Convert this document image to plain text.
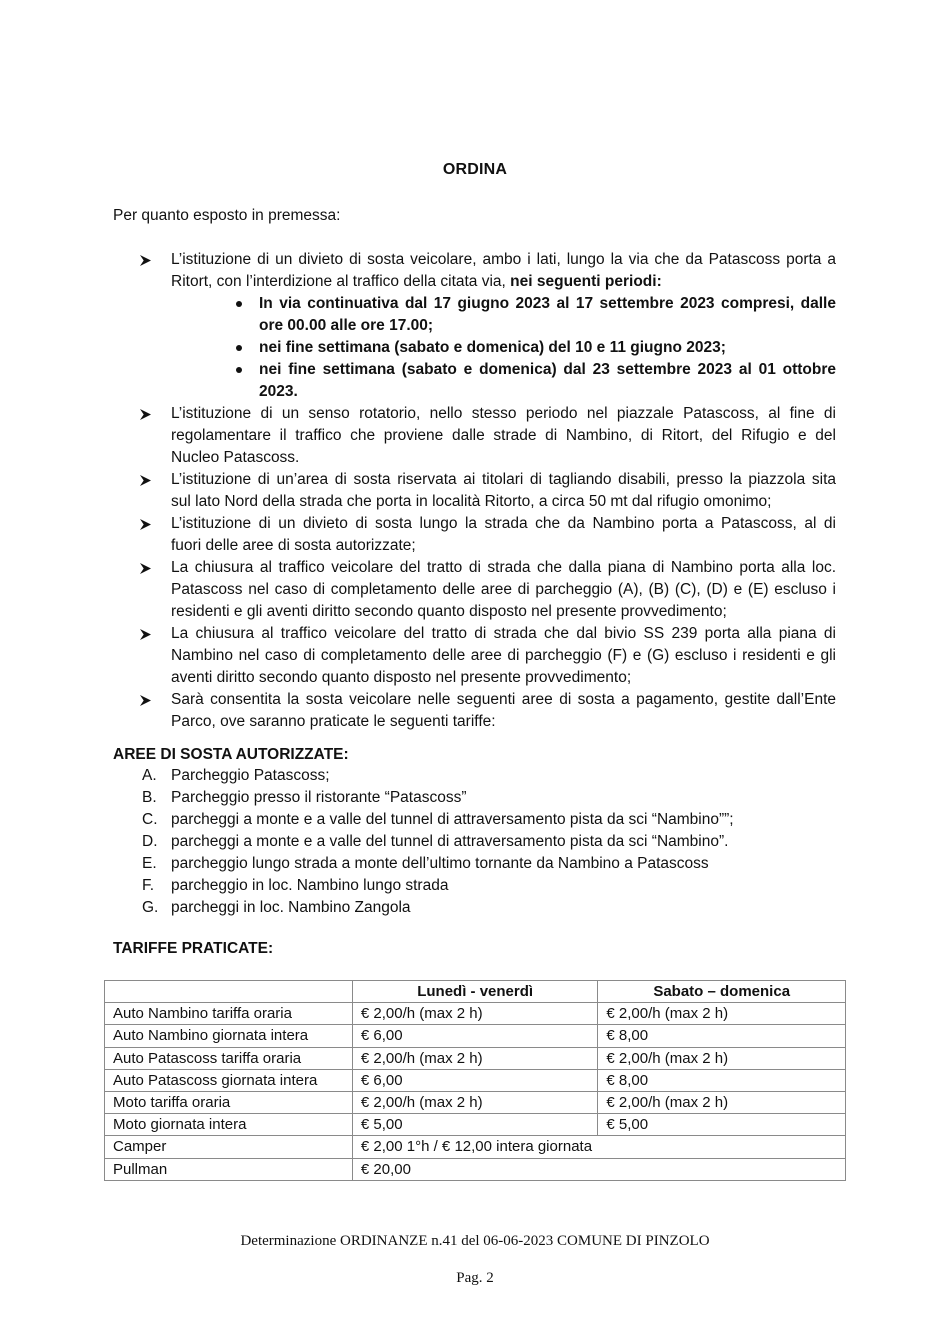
ORDINA
Per quanto esposto in premessa:
L’istituzione di un divieto di sosta veicolare, ambo i lati, lungo la via che da Patascoss porta a
Ritort, con l’interdizione al traffico della citata via, nei seguenti periodi:
In via continuativa dal 17 giugno 2023 al 17 settembre 2023 compresi, dalle
ore 00.00 alle ore 17.00;
nei fine settimana (sabato e domenica) del 10 e 11 giugno 2023;
nei fine settimana (sabato e domenica) dal 23 settembre 2023 al 01 ottobre
2023.
L’istituzione di un senso rotatorio, nello stesso periodo nel piazzale Patascoss, al fine di
regolamentare il traffico che proviene dalle strade di Nambino, di Ritort, del Rifugio e del
Nucleo Patascoss.
L’istituzione di un’area di sosta riservata ai titolari di tagliando disabili, presso la piazzola sita
sul lato Nord della strada che porta in località Ritorto, a circa 50 mt dal rifugio omonimo;
L’istituzione di un divieto di sosta lungo la strada che da Nambino porta a Patascoss, al di
fuori delle aree di sosta autorizzate;
La chiusura al traffico veicolare del tratto di strada che dalla piana di Nambino porta alla loc.
Patascoss nel caso di completamento delle aree di parcheggio (A), (B) (C), (D) e (E) escluso i
residenti e gli aventi diritto secondo quanto disposto nel presente provvedimento;
La chiusura al traffico veicolare del tratto di strada che dal bivio SS 239 porta alla piana di
Nambino nel caso di completamento delle aree di parcheggio (F) e (G) escluso i residenti e gli
aventi diritto secondo quanto disposto nel presente provvedimento;
Sarà consentita la sosta veicolare nelle seguenti aree di sosta a pagamento, gestite dall’Ente
Parco, ove saranno praticate le seguenti tariffe:
AREE DI SOSTA AUTORIZZATE:
A. Parcheggio Patascoss;
B. Parcheggio presso il ristorante “Patascoss”
C. parcheggi a monte e a valle del tunnel di attraversamento pista da sci “Nambino””;
D. parcheggi a monte e a valle del tunnel di attraversamento pista da sci “Nambino”.
E. parcheggio lungo strada a monte dell’ultimo tornante da Nambino a Patascoss
F.	parcheggio in loc. Nambino lungo strada
G. parcheggi in loc. Nambino Zangola
TARIFFE PRATICATE:
	Lunedì - venerdì	Sabato – domenica
Auto Nambino tariffa oraria	€ 2,00/h (max 2 h)	€ 2,00/h (max 2 h)
Auto Nambino giornata intera	€ 6,00	€ 8,00
Auto Patascoss tariffa oraria	€ 2,00/h (max 2 h)	€ 2,00/h (max 2 h)
Auto Patascoss giornata intera	€ 6,00	€ 8,00
Moto tariffa oraria	€ 2,00/h (max 2 h)	€ 2,00/h (max 2 h)
Moto giornata intera	€ 5,00	€ 5,00
Camper	€ 2,00 1°h / € 12,00 intera giornata	
Pullman	€ 20,00	
Determinazione ORDINANZE n.41 del 06-06-2023 COMUNE DI PINZOLO
Pag. 2
